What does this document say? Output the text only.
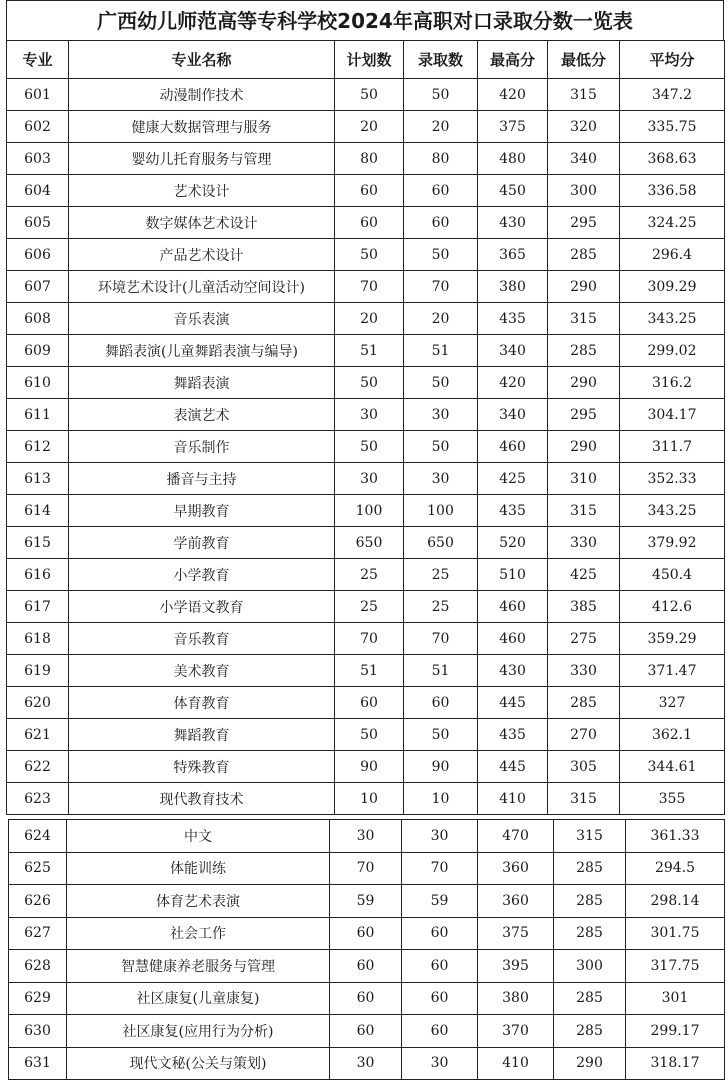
广西幼儿师范高等专科学校2024年高职对口录取分数一览表
专业	专业名称	计划数	录取数	最高分	最低分	平均分
601	动漫制作技术	50	50	420	315	347.2
602	健康大数据管理与服务	20	20	375	320	335.75
603	婴幼儿托育服务与管理	80	80	480	340	368.63
604	艺术设计	60	60	450	300	336.58
605	数字媒体艺术设计	60	60	430	295	324.25
606	产品艺术设计	50	50	365	285	296.4
607	环境艺术设计(儿童活动空间设计)	70	70	380	290	309.29
608	音乐表演	20	20	435	315	343.25
609	舞蹈表演(儿童舞蹈表演与编导)	51	51	340	285	299.02
610	舞蹈表演	50	50	420	290	316.2
611	表演艺术	30	30	340	295	304.17
612	音乐制作	50	50	460	290	311.7
613	播音与主持	30	30	425	310	352.33
614	早期教育	100	100	435	315	343.25
615	学前教育	650	650	520	330	379.92
616	小学教育	25	25	510	425	450.4
617	小学语文教育	25	25	460	385	412.6
618	音乐教育	70	70	460	275	359.29
619	美术教育	51	51	430	330	371.47
620	体育教育	60	60	445	285	327
621	舞蹈教育	50	50	435	270	362.1
622	特殊教育	90	90	445	305	344.61
623	现代教育技术	10	10	410	315	355
624	中文	30	30	470	315	361.33
625	体能训练	70	70	360	285	294.5
626	体育艺术表演	59	59	360	285	298.14
627	社会工作	60	60	375	285	301.75
628	智慧健康养老服务与管理	60	60	395	300	317.75
629	社区康复(儿童康复)	60	60	380	285	301
630	社区康复(应用行为分析)	60	60	370	285	299.17
631	现代文秘(公关与策划)	30	30	410	290	318.17
